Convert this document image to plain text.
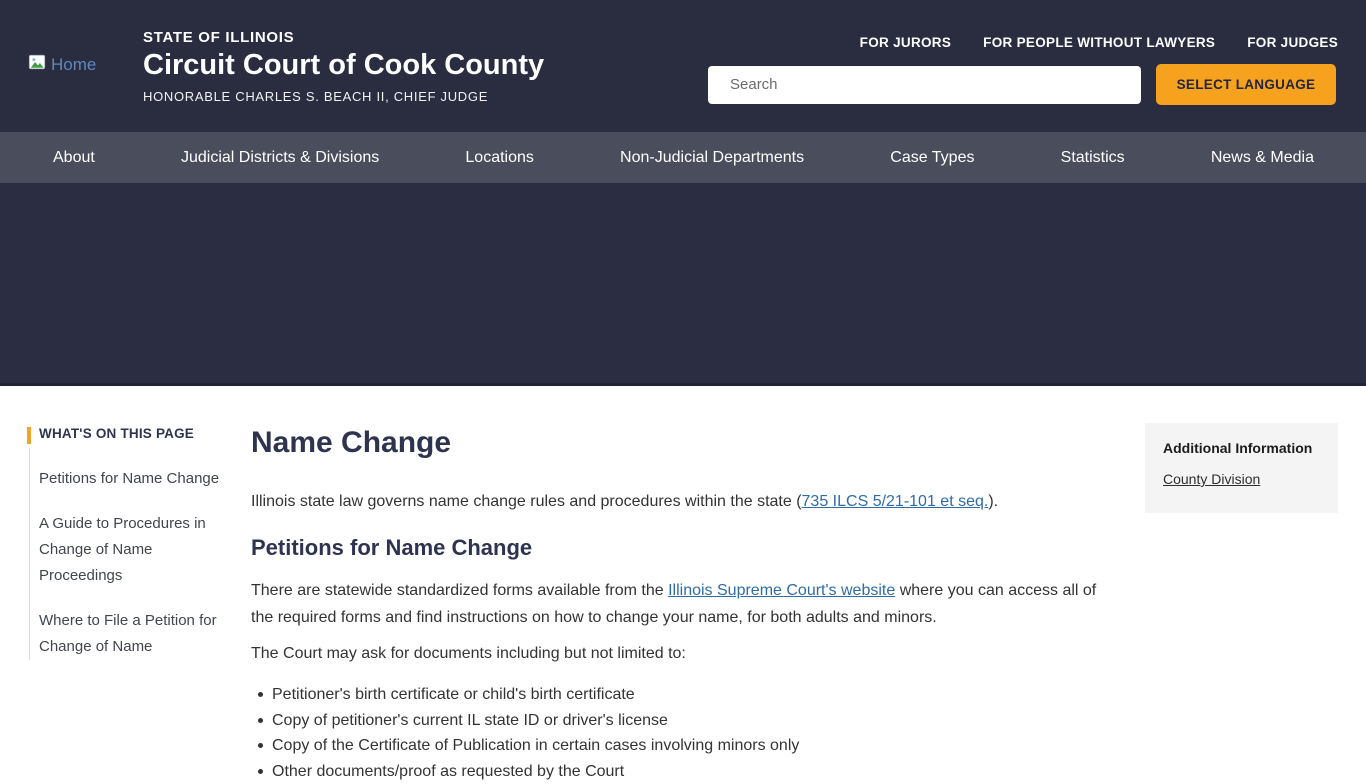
Home
STATE OF ILLINOIS
Circuit Court of Cook County
HONORABLE CHARLES S. BEACH II, CHIEF JUDGE
FOR JURORS FOR PEOPLE WITHOUT LAWYERS FOR JUDGES
Search
SELECT LANGUAGE
About	Judicial Districts & Divisions	Locations	Non-Judicial Departments	Case Types	Statistics	News & Media
WHAT'S ON THIS PAGE
Petitions for Name Change
A Guide to Procedures in Change of Name Proceedings
Where to File a Petition for Change of Name
Name Change

Illinois state law governs name change rules and procedures within the state (735 ILCS 5/21-101 et seq.).

Petitions for Name Change

There are statewide standardized forms available from the Illinois Supreme Court's website where you can access all of the required forms and find instructions on how to change your name, for both adults and minors.

The Court may ask for documents including but not limited to:

Petitioner's birth certificate or child's birth certificate
Copy of petitioner's current IL state ID or driver's license
Copy of the Certificate of Publication in certain cases involving minors only
Other documents/proof as requested by the Court
Additional Information
County Division
